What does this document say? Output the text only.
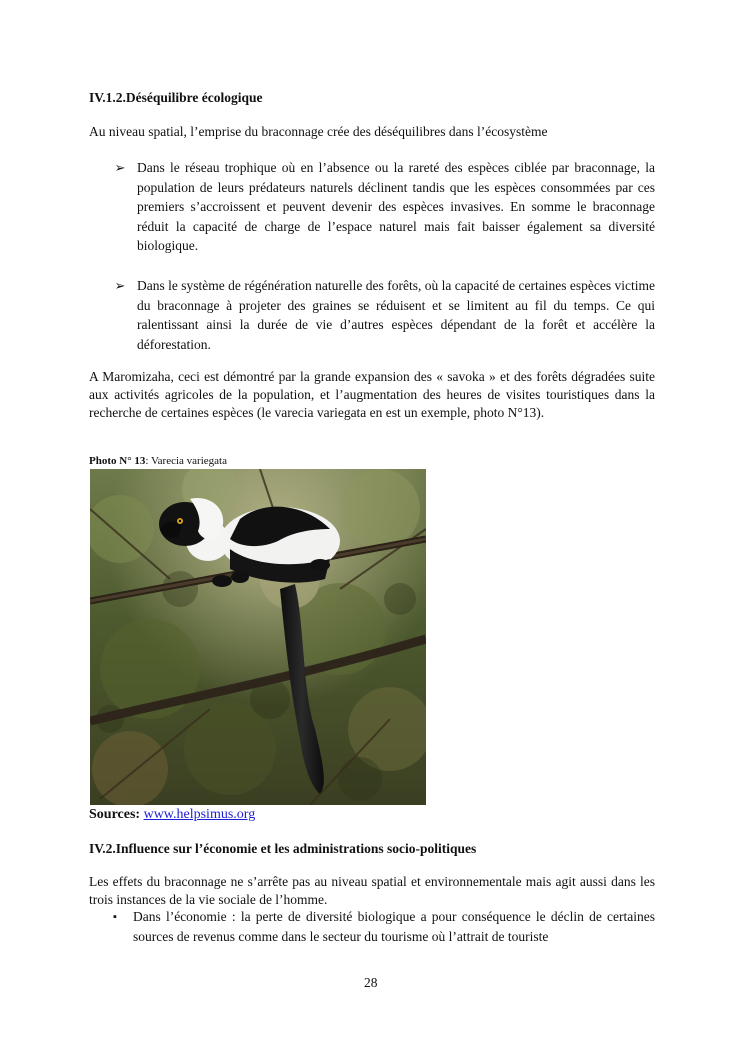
IV.1.2.Déséquilibre écologique
Au niveau spatial, l’emprise du braconnage crée des déséquilibres dans l’écosystème
➢ Dans le réseau trophique où en l’absence ou la rareté des espèces ciblée par braconnage, la population de leurs prédateurs naturels déclinent tandis que les espèces consommées par ces premiers s’accroissent et peuvent devenir des espèces invasives. En somme le braconnage réduit la capacité de charge de l’espace naturel mais fait baisser également sa diversité biologique.
➢ Dans le système de régénération naturelle des forêts, où la capacité de certaines espèces victime du braconnage à projeter des graines se réduisent et se limitent au fil du temps. Ce qui ralentissant ainsi la durée de vie d’autres espèces dépendant de la forêt et accélère la déforestation.
A Maromizaha, ceci est démontré par la grande expansion des « savoka » et des forêts dégradées suite aux activités agricoles de la population, et l’augmentation des heures de visites touristiques dans la recherche de certaines espèces (le varecia variegata en est un exemple, photo N°13).
Photo N° 13: Varecia variegata
Sources: www.helpsimus.org
IV.2.Influence sur l’économie et les administrations socio-politiques
Les effets du braconnage ne s’arrête pas au niveau spatial et environnementale mais agit aussi dans les trois instances de la vie sociale de l’homme.
▪	Dans l’économie : la perte de diversité biologique a pour conséquence le déclin de certaines sources de revenus comme dans le secteur du tourisme où l’attrait de touriste
28
